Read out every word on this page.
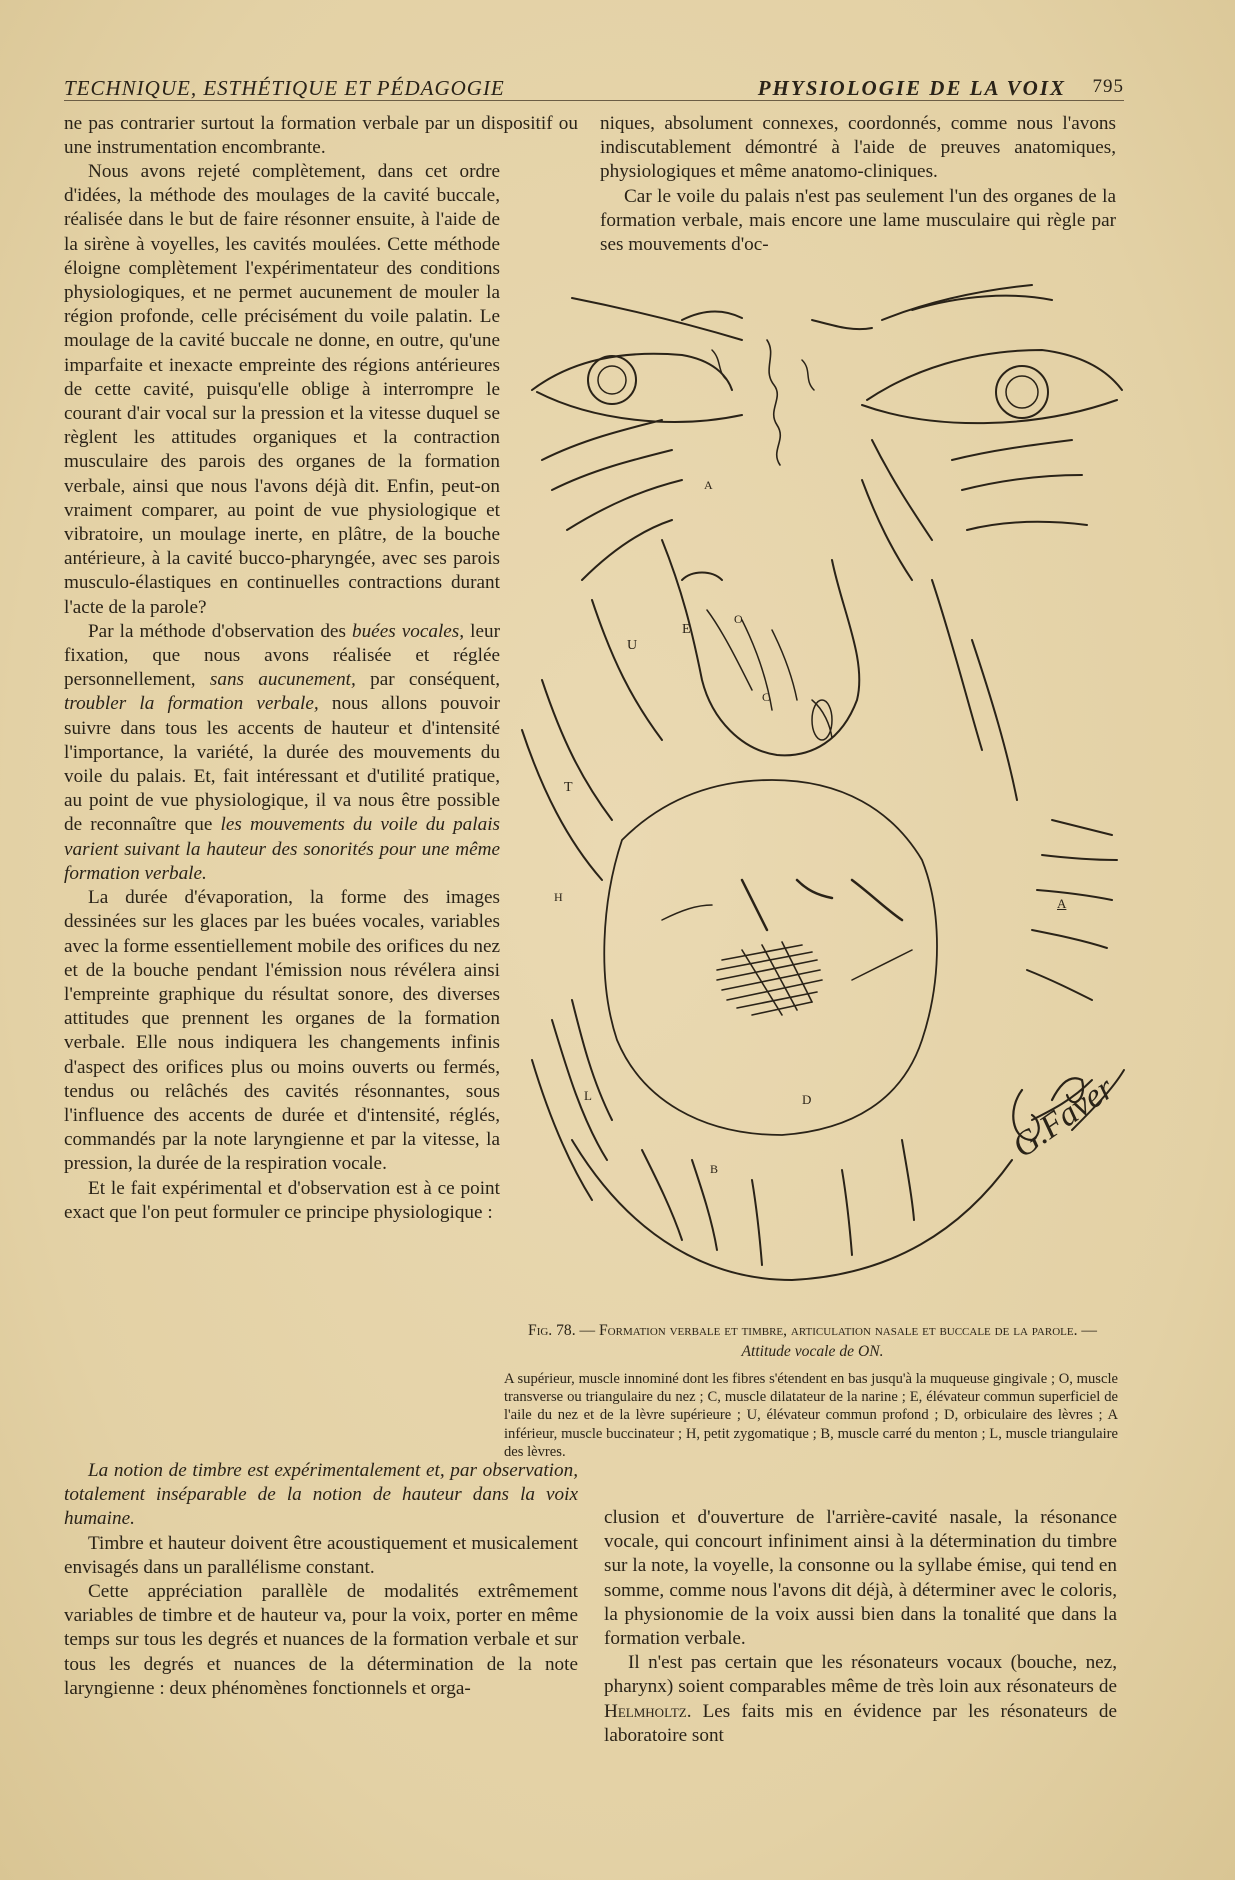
TECHNIQUE, ESTHÉTIQUE ET PÉDAGOGIE	PHYSIOLOGIE DE LA VOIX 795

ne pas contrarier surtout la formation verbale par un dispositif ou une instrumentation encombrante.

Nous avons rejeté complètement, dans cet ordre d'idées, la méthode des moulages de la cavité buccale, réalisée dans le but de faire résonner ensuite, à l'aide de la sirène à voyelles, les cavités moulées. Cette méthode éloigne complètement l'expérimentateur des conditions physiologiques, et ne permet aucunement de mouler la région profonde, celle précisément du voile palatin. Le moulage de la cavité buccale ne donne, en outre, qu'une imparfaite et inexacte empreinte des régions antérieures de cette cavité, puisqu'elle oblige à interrompre le courant d'air vocal sur la pression et la vitesse duquel se règlent les attitudes organiques et la contraction musculaire des parois des organes de la formation verbale, ainsi que nous l'avons déjà dit. Enfin, peut-on vraiment comparer, au point de vue physiologique et vibratoire, un moulage inerte, en plâtre, de la bouche antérieure, à la cavité bucco-pharyngée, avec ses parois musculo-élastiques en continuelles contractions durant l'acte de la parole?

Par la méthode d'observation des buées vocales, leur fixation, que nous avons réalisée et réglée personnellement, sans aucunement, par conséquent, troubler la formation verbale, nous allons pouvoir suivre dans tous les accents de hauteur et d'intensité l'importance, la variété, la durée des mouvements du voile du palais. Et, fait intéressant et d'utilité pratique, au point de vue physiologique, il va nous être possible de reconnaître que les mouvements du voile du palais varient suivant la hauteur des sonorités pour une même formation verbale.

La durée d'évaporation, la forme des images dessinées sur les glaces par les buées vocales, variables avec la forme essentiellement mobile des orifices du nez et de la bouche pendant l'émission nous révélera ainsi l'empreinte graphique du résultat sonore, des diverses attitudes que prennent les organes de la formation verbale. Elle nous indiquera les changements infinis d'aspect des orifices plus ou moins ouverts ou fermés, tendus ou relâchés des cavités résonnantes, sous l'influence des accents de durée et d'intensité, réglés, commandés par la note laryngienne et par la vitesse, la pression, la durée de la respiration vocale.

Et le fait expérimental et d'observation est à ce point exact que l'on peut formuler ce principe physiologique :

La notion de timbre est expérimentalement et, par observation, totalement inséparable de la notion de hauteur dans la voix humaine.

Timbre et hauteur doivent être acoustiquement et musicalement envisagés dans un parallélisme constant.

Cette appréciation parallèle de modalités extrêmement variables de timbre et de hauteur va, pour la voix, porter en même temps sur tous les degrés et nuances de la formation verbale et sur tous les degrés et nuances de la détermination de la note laryngienne : deux phénomènes fonctionnels et orga-

niques, absolument connexes, coordonnés, comme nous l'avons indiscutablement démontré à l'aide de preuves anatomiques, physiologiques et même anatomo-cliniques.

Car le voile du palais n'est pas seulement l'un des organes de la formation verbale, mais encore une lame musculaire qui règle par ses mouvements d'oc-

clusion et d'ouverture de l'arrière-cavité nasale, la résonance vocale, qui concourt infiniment ainsi à la détermination du timbre sur la note, la voyelle, la consonne ou la syllabe émise, qui tend en somme, comme nous l'avons dit déjà, à déterminer avec le coloris, la physionomie de la voix aussi bien dans la tonalité que dans la formation verbale.

Il n'est pas certain que les résonateurs vocaux (bouche, nez, pharynx) soient comparables même de très loin aux résonateurs de Helmholtz. Les faits mis en évidence par les résonateurs de laboratoire sont

A
O
C
E
U
T
H	A
L	D
B
G.Faver
Fig. 78. — Formation verbale et timbre, articulation nasale et buccale de la parole. — Attitude vocale de ON.
A supérieur, muscle innominé dont les fibres s'étendent en bas jusqu'à la muqueuse gingivale ; O, muscle transverse ou triangulaire du nez ; C, muscle dilatateur de la narine ; E, élévateur commun superficiel de l'aile du nez et de la lèvre supérieure ; U, élévateur commun profond ; D, orbiculaire des lèvres ; A inférieur, muscle buccinateur ; H, petit zygomatique ; B, muscle carré du menton ; L, muscle triangulaire des lèvres.
